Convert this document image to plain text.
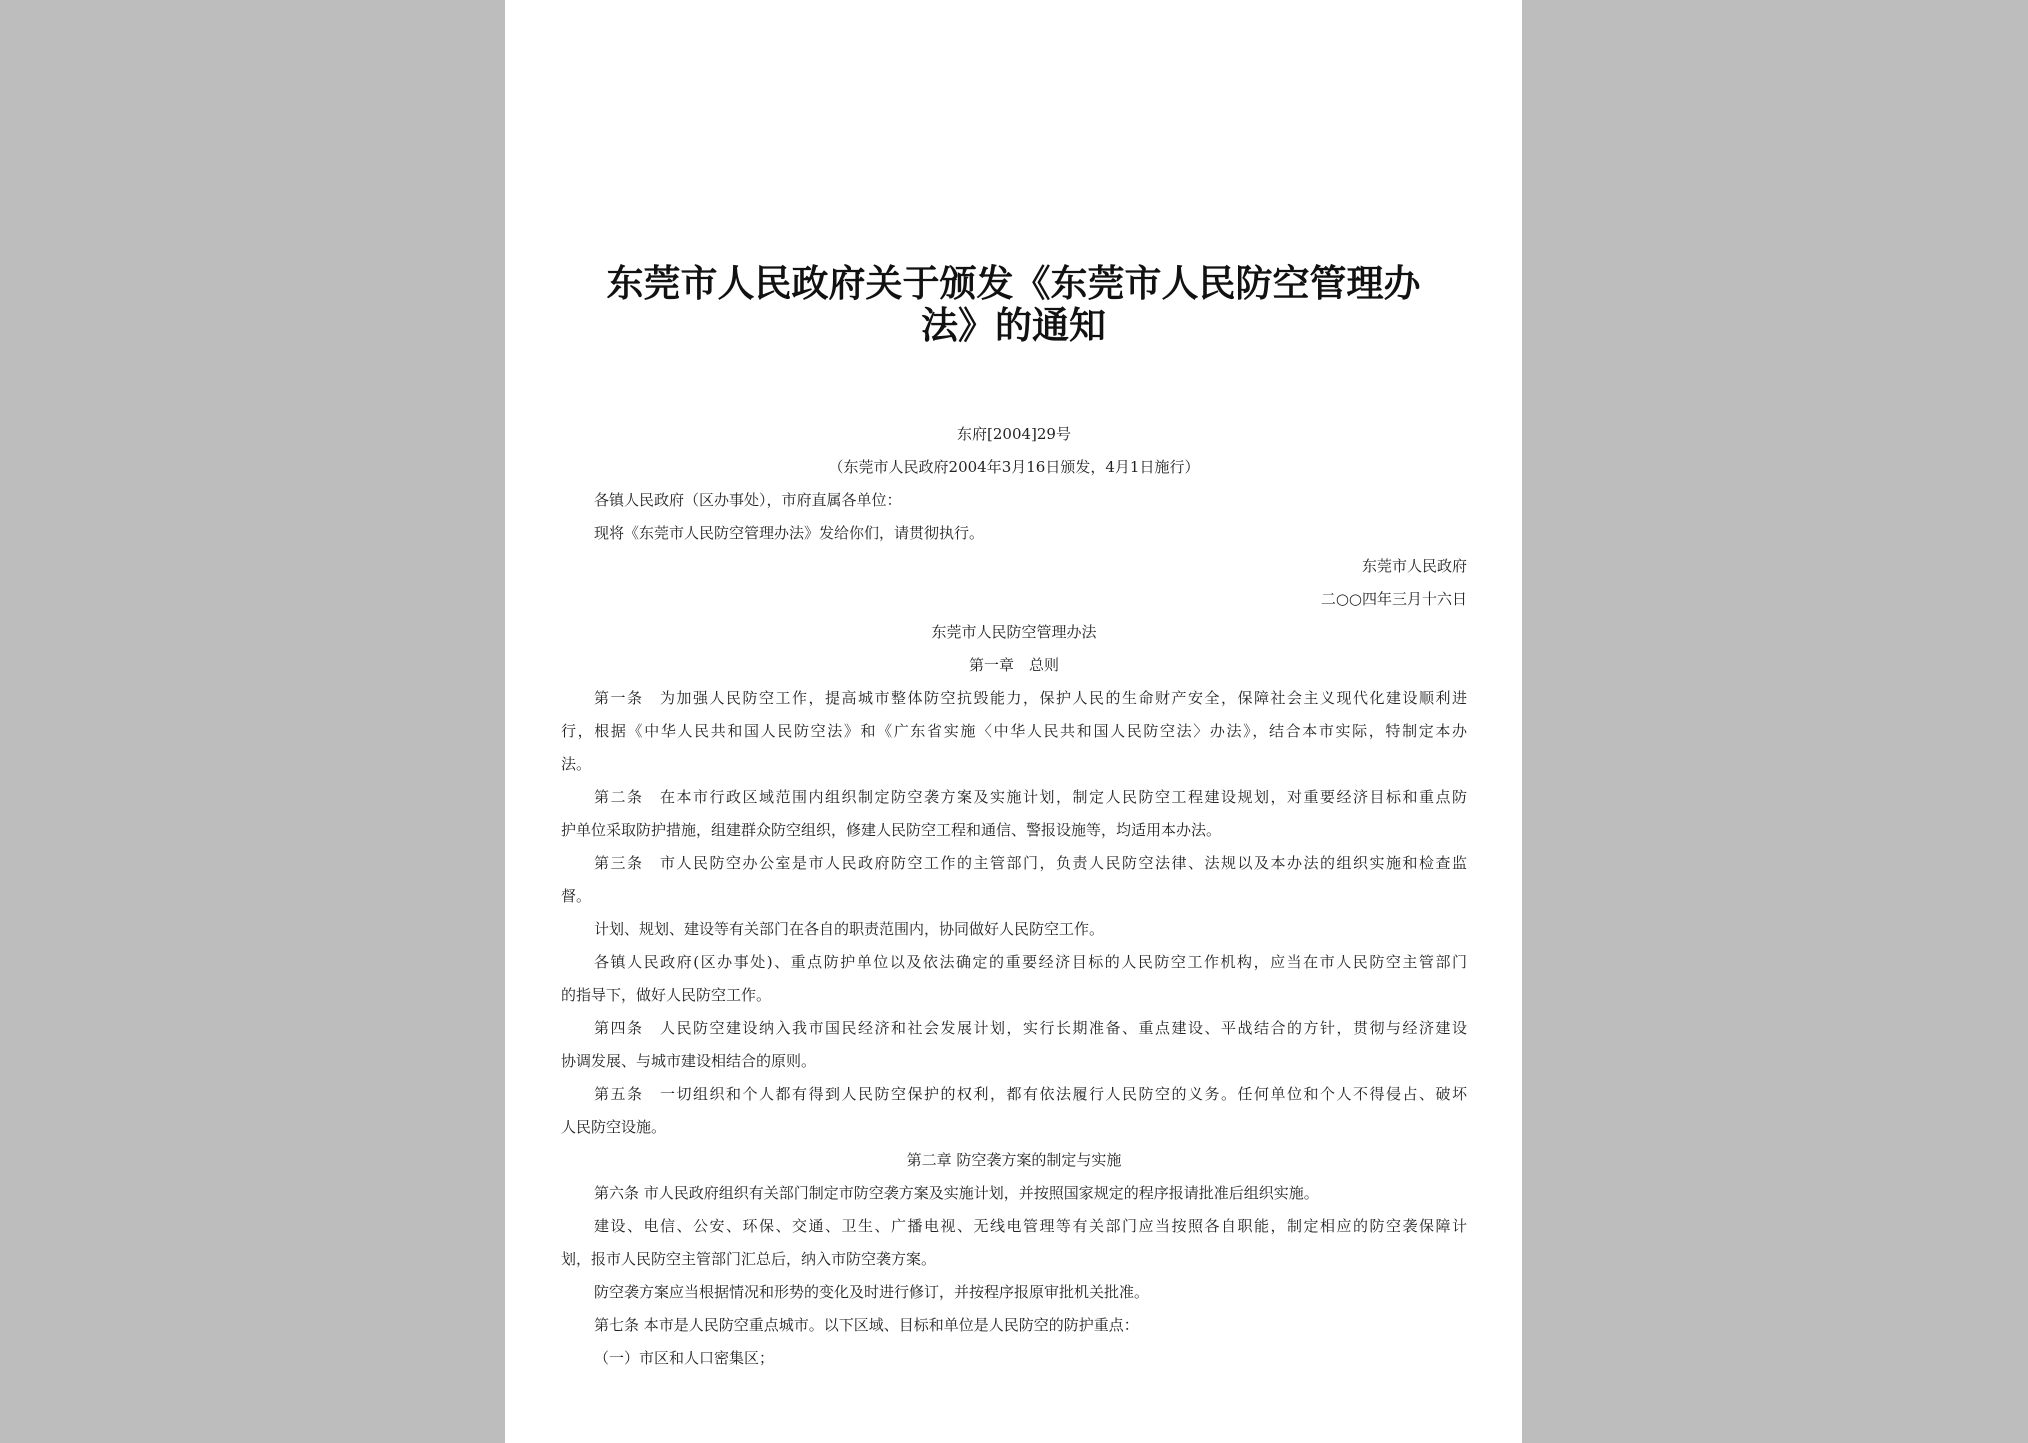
东莞市人民政府关于颁发《东莞市人民防空管理办法》的通知
东府[2004]29号
（东莞市人民政府2004年3月16日颁发，4月1日施行）
各镇人民政府（区办事处），市府直属各单位：
现将《东莞市人民防空管理办法》发给你们，请贯彻执行。
东莞市人民政府
二○○四年三月十六日
东莞市人民防空管理办法
第一章　总则
第一条　为加强人民防空工作，提高城市整体防空抗毁能力，保护人民的生命财产安全，保障社会主义现代化建设顺利进
行，根据《中华人民共和国人民防空法》和《广东省实施〈中华人民共和国人民防空法〉办法》，结合本市实际，特制定本办
法。
第二条　在本市行政区域范围内组织制定防空袭方案及实施计划，制定人民防空工程建设规划，对重要经济目标和重点防
护单位采取防护措施，组建群众防空组织，修建人民防空工程和通信、警报设施等，均适用本办法。
第三条　市人民防空办公室是市人民政府防空工作的主管部门，负责人民防空法律、法规以及本办法的组织实施和检查监
督。
计划、规划、建设等有关部门在各自的职责范围内，协同做好人民防空工作。
各镇人民政府(区办事处)、重点防护单位以及依法确定的重要经济目标的人民防空工作机构，应当在市人民防空主管部门
的指导下，做好人民防空工作。
第四条　人民防空建设纳入我市国民经济和社会发展计划，实行长期准备、重点建设、平战结合的方针，贯彻与经济建设
协调发展、与城市建设相结合的原则。
第五条　一切组织和个人都有得到人民防空保护的权利，都有依法履行人民防空的义务。任何单位和个人不得侵占、破坏
人民防空设施。
第二章 防空袭方案的制定与实施
第六条 市人民政府组织有关部门制定市防空袭方案及实施计划，并按照国家规定的程序报请批准后组织实施。
建设、电信、公安、环保、交通、卫生、广播电视、无线电管理等有关部门应当按照各自职能，制定相应的防空袭保障计
划，报市人民防空主管部门汇总后，纳入市防空袭方案。
防空袭方案应当根据情况和形势的变化及时进行修订，并按程序报原审批机关批准。
第七条 本市是人民防空重点城市。以下区域、目标和单位是人民防空的防护重点：
（一）市区和人口密集区；
